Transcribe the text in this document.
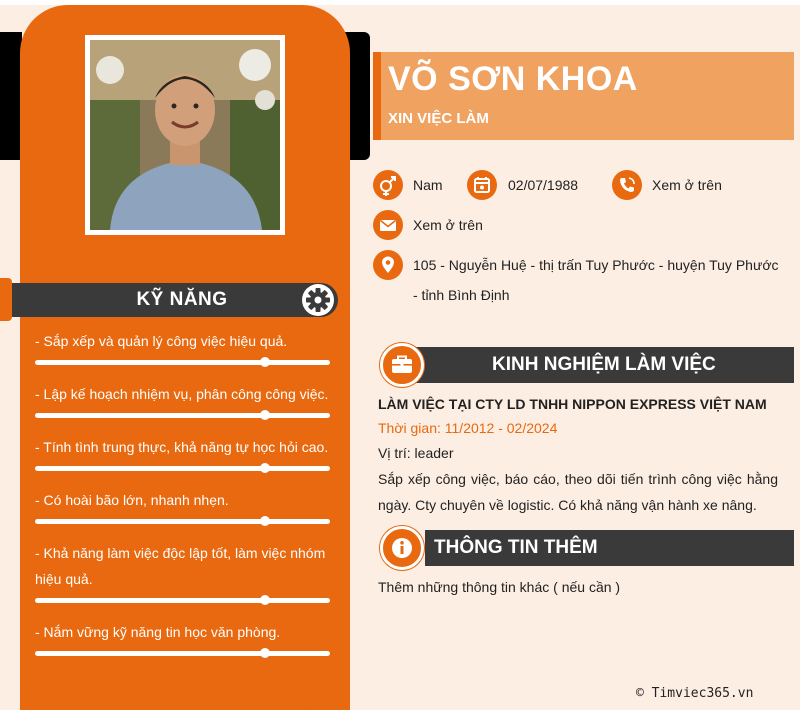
KỸ NĂNG
- Sắp xếp và quản lý công việc hiệu quả.
- Lập kế hoạch nhiệm vụ, phân công công việc.
- Tính tình trung thực, khả năng tự học hỏi cao.
- Có hoài bão lớn, nhanh nhẹn.
- Khả năng làm việc độc lập tốt, làm việc nhóm hiệu quả.
- Nắm vững kỹ năng tin học văn phòng.
VÕ SƠN KHOA
XIN VIỆC LÀM
Nam	02/07/1988	Xem ở trên
Xem ở trên
105 - Nguyễn Huệ - thị trấn Tuy Phước - huyện Tuy Phước
- tỉnh Bình Định
KINH NGHIỆM LÀM VIỆC
LÀM VIỆC TẠI CTY LD TNHH NIPPON EXPRESS VIỆT NAM
Thời gian: 11/2012 - 02/2024
Vị trí: leader
Sắp xếp công việc, báo cáo, theo dõi tiến trình công việc hằng ngày. Cty chuyên về logistic. Có khả năng vận hành xe nâng.
THÔNG TIN THÊM
Thêm những thông tin khác ( nếu cần )
© Timviec365.vn
